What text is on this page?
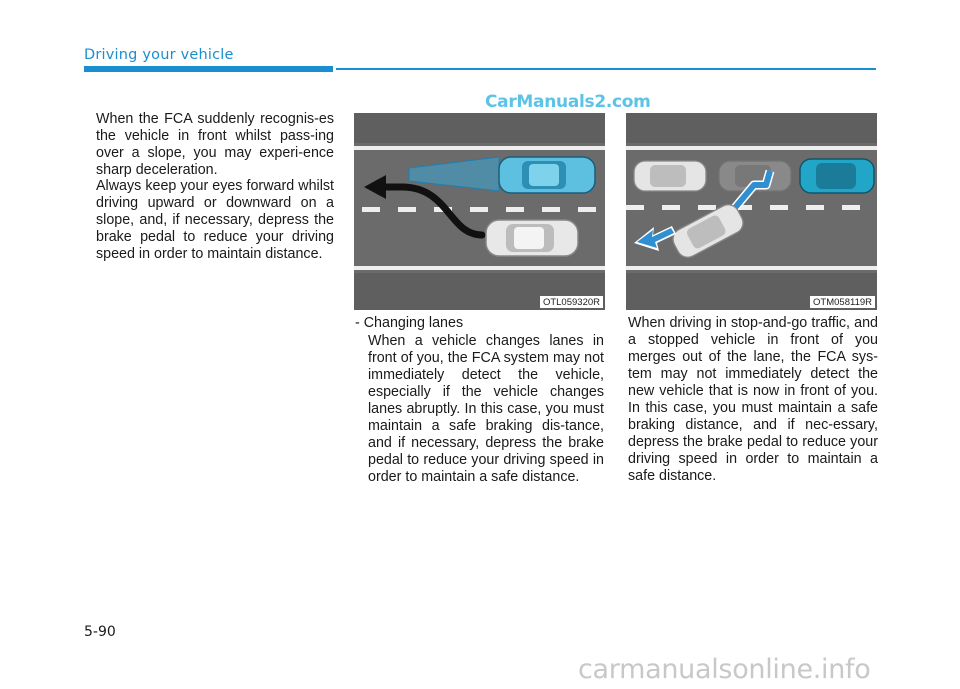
Driving your vehicle
CarManuals2.com

When the FCA suddenly recognis-es the vehicle in front whilst pass-ing over a slope, you may experi-ence sharp deceleration.

Always keep your eyes forward whilst driving upward or downward on a slope, and, if necessary, depress the brake pedal to reduce your driving speed in order to maintain distance.

OTL059320R	OTM058119R
- Changing lanes

When a vehicle changes lanes in front of you, the FCA system may not immediately detect the vehicle, especially if the vehicle changes lanes abruptly. In this case, you must maintain a safe braking dis-tance, and if necessary, depress the brake pedal to reduce your driving speed in order to maintain a safe distance.

When driving in stop-and-go traffic, and a stopped vehicle in front of you merges out of the lane, the FCA sys-tem may not immediately detect the new vehicle that is now in front of you. In this case, you must maintain a safe braking distance, and if nec-essary, depress the brake pedal to reduce your driving speed in order to maintain a safe distance.

5-90
carmanualsonline.info
